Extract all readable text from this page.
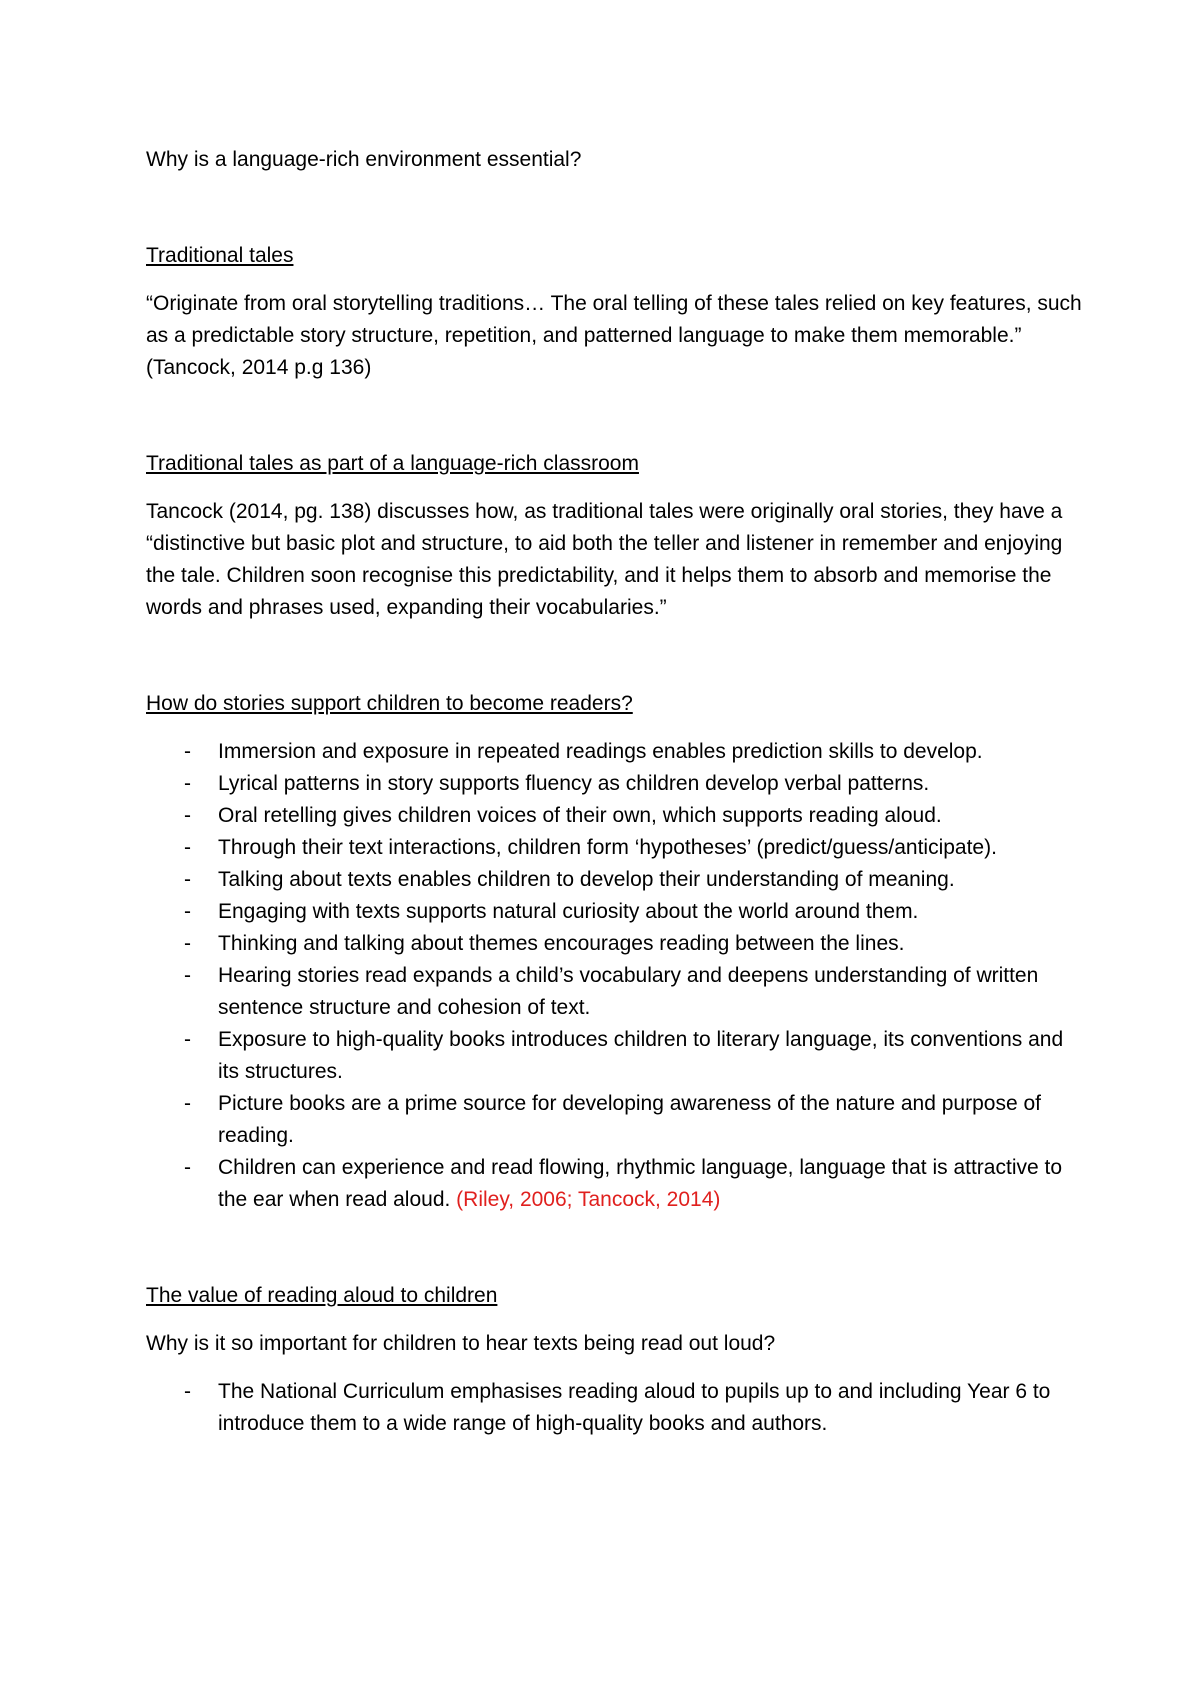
Why is a language-rich environment essential?

Traditional tales

“Originate from oral storytelling traditions… The oral telling of these tales relied on key features, such as a predictable story structure, repetition, and patterned language to make them memorable.” (Tancock, 2014 p.g 136)

Traditional tales as part of a language-rich classroom

Tancock (2014, pg. 138) discusses how, as traditional tales were originally oral stories, they have a “distinctive but basic plot and structure, to aid both the teller and listener in remember and enjoying the tale. Children soon recognise this predictability, and it helps them to absorb and memorise the words and phrases used, expanding their vocabularies.”

How do stories support children to become readers?

- Immersion and exposure in repeated readings enables prediction skills to develop.
- Lyrical patterns in story supports fluency as children develop verbal patterns.
- Oral retelling gives children voices of their own, which supports reading aloud.
- Through their text interactions, children form ‘hypotheses’ (predict/guess/anticipate).
- Talking about texts enables children to develop their understanding of meaning.
- Engaging with texts supports natural curiosity about the world around them.
- Thinking and talking about themes encourages reading between the lines.
- Hearing stories read expands a child’s vocabulary and deepens understanding of written sentence structure and cohesion of text.
- Exposure to high-quality books introduces children to literary language, its conventions and its structures.
- Picture books are a prime source for developing awareness of the nature and purpose of reading.
- Children can experience and read flowing, rhythmic language, language that is attractive to the ear when read aloud. (Riley, 2006; Tancock, 2014)

The value of reading aloud to children

Why is it so important for children to hear texts being read out loud?

- The National Curriculum emphasises reading aloud to pupils up to and including Year 6 to introduce them to a wide range of high-quality books and authors.
